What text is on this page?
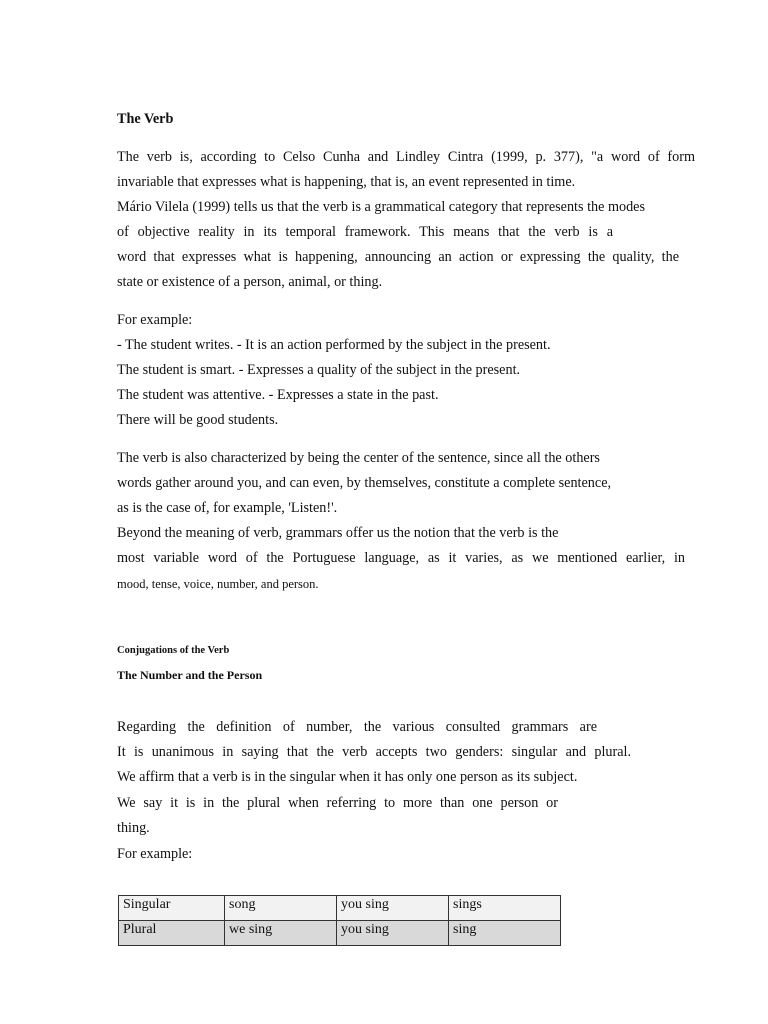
The Verb
The verb is, according to Celso Cunha and Lindley Cintra (1999, p. 377), "a word of form
invariable that expresses what is happening, that is, an event represented in time.
Mário Vilela (1999) tells us that the verb is a grammatical category that represents the modes
of objective reality in its temporal framework. This means that the verb is a
word that expresses what is happening, announcing an action or expressing the quality, the
state or existence of a person, animal, or thing.
For example:
- The student writes. - It is an action performed by the subject in the present.
The student is smart. - Expresses a quality of the subject in the present.
The student was attentive. - Expresses a state in the past.
There will be good students.
The verb is also characterized by being the center of the sentence, since all the others
words gather around you, and can even, by themselves, constitute a complete sentence,
as is the case of, for example, 'Listen!'.
Beyond the meaning of verb, grammars offer us the notion that the verb is the
most variable word of the Portuguese language, as it varies, as we mentioned earlier, in
mood, tense, voice, number, and person.
Conjugations of the Verb
The Number and the Person
Regarding the definition of number, the various consulted grammars are
It is unanimous in saying that the verb accepts two genders: singular and plural.
We affirm that a verb is in the singular when it has only one person as its subject.
We say it is in the plural when referring to more than one person or
thing.
For example:
Singular	song	you sing	sings
Plural	we sing	you sing	sing
